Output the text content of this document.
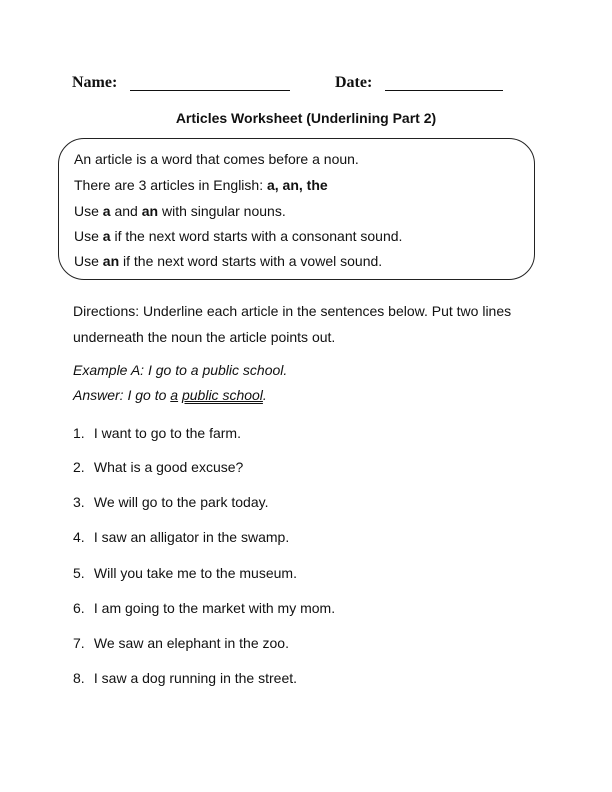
Name:	Date:
Articles Worksheet (Underlining Part 2)
An article is a word that comes before a noun.
There are 3 articles in English: a, an, the
Use a and an with singular nouns.
Use a if the next word starts with a consonant sound.
Use an if the next word starts with a vowel sound.
Directions: Underline each article in the sentences below. Put two lines underneath the noun the article points out.
Example A: I go to a public school.
Answer: I go to a public school.
1. I want to go to the farm.
2. What is a good excuse?
3. We will go to the park today.
4. I saw an alligator in the swamp.
5. Will you take me to the museum.
6. I am going to the market with my mom.
7. We saw an elephant in the zoo.
8. I saw a dog running in the street.
